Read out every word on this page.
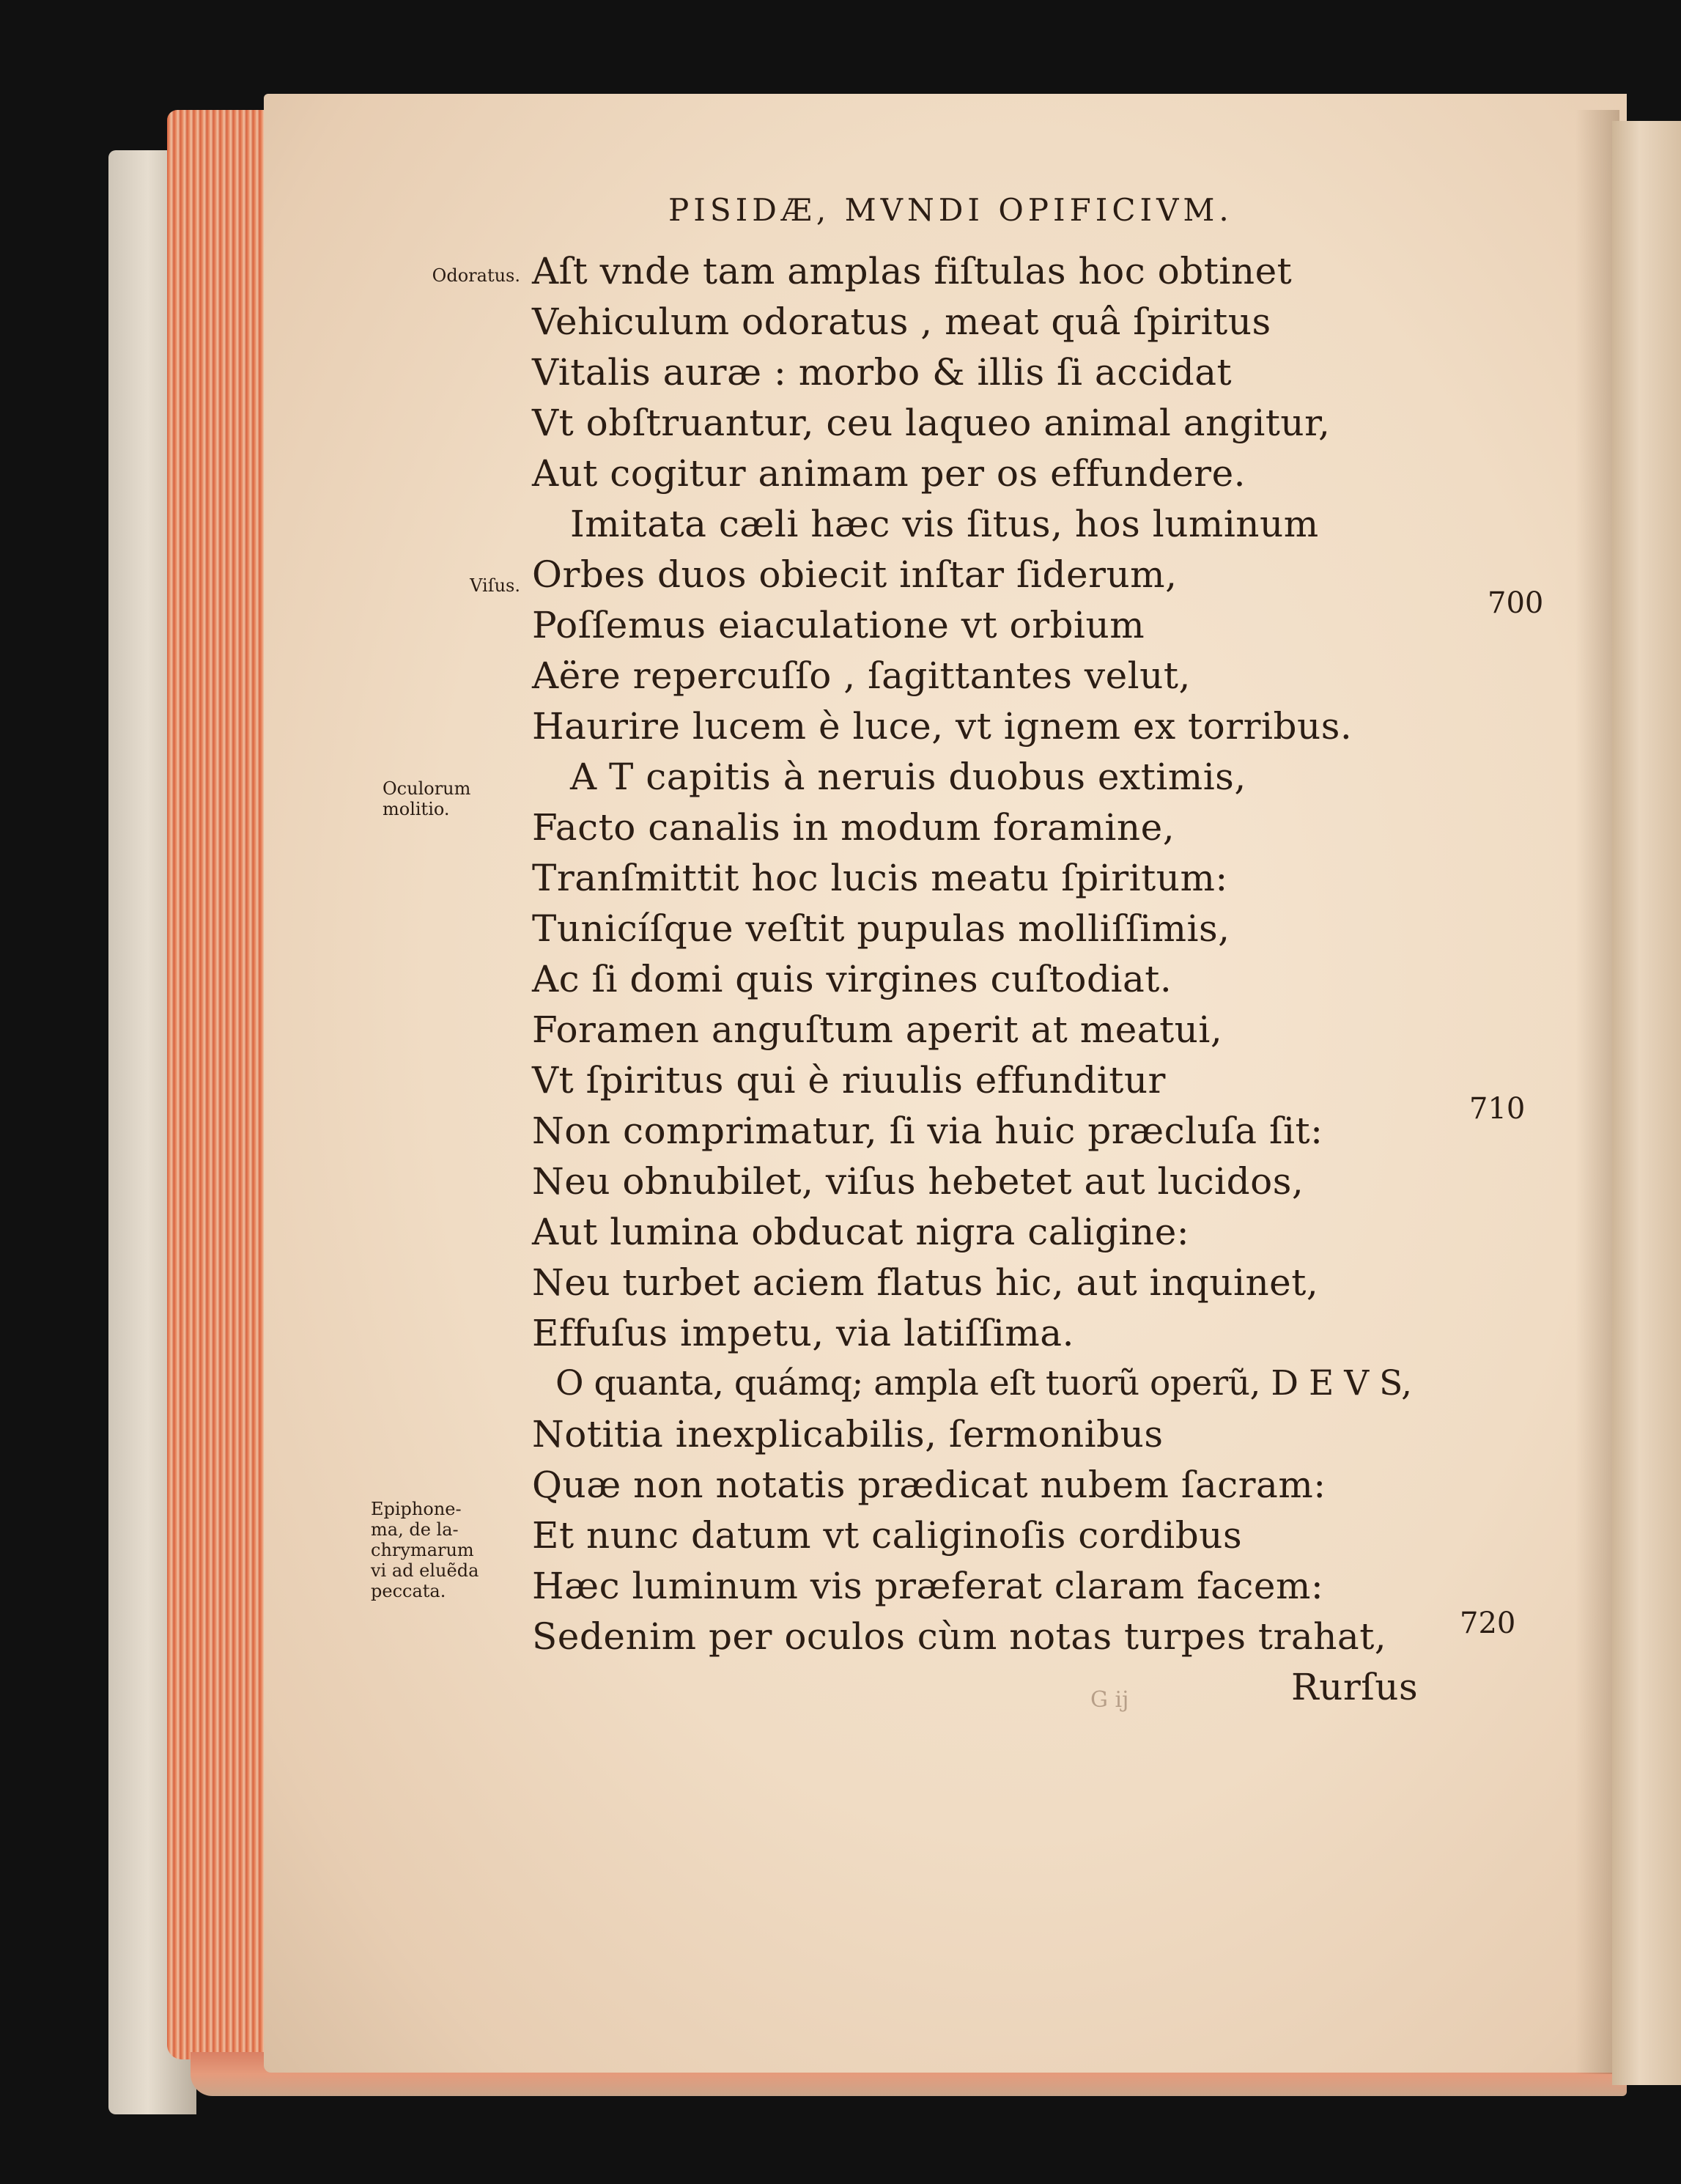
PISIDÆ, MVNDI OPIFICIVM.
Aſt vnde tam amplas fiſtulas hoc obtinet
Vehiculum odoratus , meat quâ ſpiritus
Vitalis auræ : morbo & illis ſi accidat
Vt obſtruantur, ceu laqueo animal angitur,
Aut cogitur animam per os effundere.
Imitata cæli hæc vis ſitus, hos luminum
Orbes duos obiecit inſtar ſiderum,
Poſſemus eiaculatione vt orbium
Aëre repercuſſo , ſagittantes velut,
Haurire lucem è luce, vt ignem ex torribus.
A T capitis à neruis duobus extimis,
Facto canalis in modum foramine,
Tranſmittit hoc lucis meatu ſpiritum:
Tunicíſque veſtit pupulas molliſſimis,
Ac ſi domi quis virgines cuſtodiat.
Foramen anguſtum aperit at meatui,
Vt ſpiritus qui è riuulis effunditur
Non comprimatur, ſi via huic præcluſa ſit:
Neu obnubilet, viſus hebetet aut lucidos,
Aut lumina obducat nigra caligine:
Neu turbet aciem flatus hic, aut inquinet,
Effuſus impetu, via latiſſima.
O quanta, quámq; ampla eſt tuorũ operũ, D E V S,
Notitia inexplicabilis, ſermonibus
Quæ non notatis prædicat nubem ſacram:
Et nunc datum vt caliginoſis cordibus
Hæc luminum vis præferat claram facem:
Sedenim per oculos cùm notas turpes trahat,
Rurſus
Odoratus.
Viſus.
Oculorum
molitio.
Epiphone-
ma, de la-
chrymarum
vi ad eluẽda
peccata.
700
710
720
G ij
